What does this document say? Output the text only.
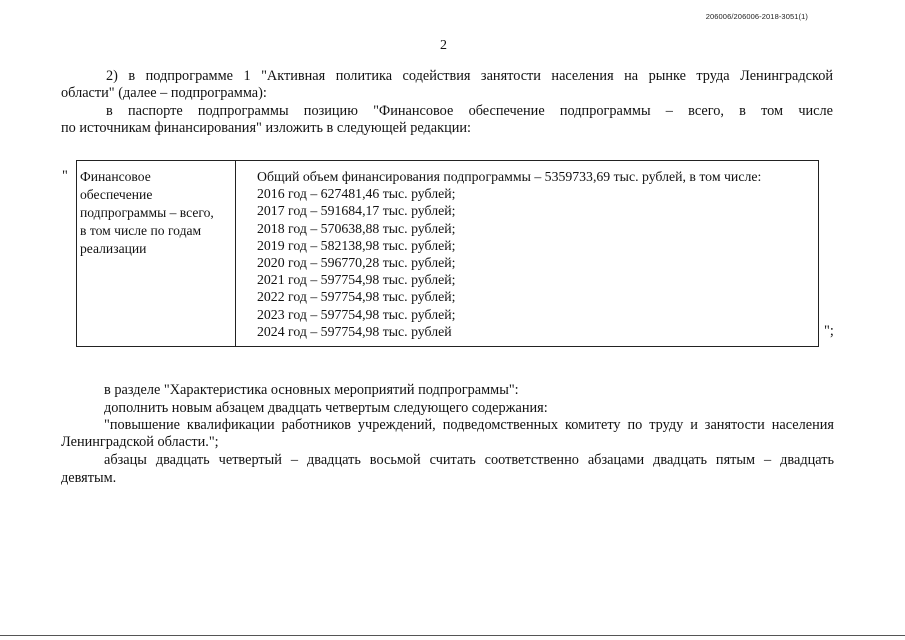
206006/206006-2018-3051(1)
2
2) в подпрограмме 1 "Активная политика содействия занятости населения на рынке труда Ленинградской
области" (далее – подпрограмма):
в паспорте подпрограммы позицию "Финансовое обеспечение подпрограммы – всего, в том числе
по источникам финансирования" изложить в следующей редакции:
" Финансовое
обеспечение
подпрограммы – всего,
в том числе по годам
реализации
Общий объем финансирования подпрограммы – 5359733,69 тыс. рублей, в том числе:
2016 год – 627481,46 тыс. рублей;
2017 год – 591684,17 тыс. рублей;
2018 год – 570638,88 тыс. рублей;
2019 год – 582138,98 тыс. рублей;
2020 год – 596770,28 тыс. рублей;
2021 год – 597754,98 тыс. рублей;
2022 год – 597754,98 тыс. рублей;
2023 год – 597754,98 тыс. рублей;
2024 год – 597754,98 тыс. рублей	";
в разделе "Характеристика основных мероприятий подпрограммы":
дополнить новым абзацем двадцать четвертым следующего содержания:
"повышение квалификации работников учреждений, подведомственных комитету по труду и занятости населения
Ленинградской области.";
абзацы двадцать четвертый – двадцать восьмой считать соответственно абзацами двадцать пятым – двадцать
девятым.
